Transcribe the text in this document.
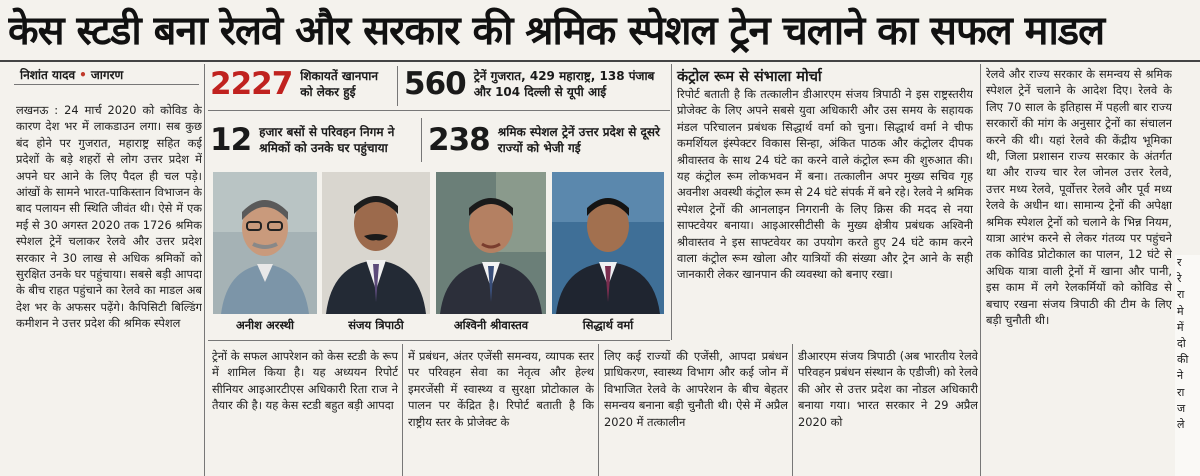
केस स्टडी बना रेलवे और सरकार की श्रमिक स्पेशल ट्रेन चलाने का सफल माडल
निशांत यादव • जागरण

लखनऊ : 24 मार्च 2020 को कोविड के कारण देश भर में लाकडाउन लगा। सब कुछ बंद होने पर गुजरात, महाराष्ट्र सहित कई प्रदेशों के बड़े शहरों से लोग उत्तर प्रदेश में अपने घर आने के लिए पैदल ही चल पड़े। आंखों के सामने भारत-पाकिस्तान विभाजन के बाद पलायन सी स्थिति जीवंत थी। ऐसे में एक मई से 30 अगस्त 2020 तक 1726 श्रमिक स्पेशल ट्रेनें चलाकर रेलवे और उत्तर प्रदेश सरकार ने 30 लाख से अधिक श्रमिकों को सुरक्षित उनके घर पहुंचाया। सबसे बड़ी आपदा के बीच राहत पहुंचाने का रेलवे का माडल अब देश भर के अफसर पढ़ेंगे। कैपिसिटी बिल्डिंग कमीशन ने उत्तर प्रदेश की श्रमिक स्पेशल

2227 शिकायतें खानपान को लेकर हुई	560 ट्रेनें गुजरात, 429 महाराष्ट्र, 138 पंजाब और 104 दिल्ली से यूपी आई
12 हजार बसों से परिवहन निगम ने श्रमिकों को उनके घर पहुंचाया	238 श्रमिक स्पेशल ट्रेनें उत्तर प्रदेश से दूसरे राज्यों को भेजी गई
अनीश अरस्थी	संजय त्रिपाठी	अश्विनी श्रीवास्तव	सिद्धार्थ वर्मा

ट्रेनों के सफल आपरेशन को केस स्टडी के रूप में शामिल किया है। यह अध्ययन रिपोर्ट सीनियर आइआरटीएस अधिकारी रिता राज ने तैयार की है। यह केस स्टडी बहुत बड़ी आपदा

में प्रबंधन, अंतर एजेंसी समन्वय, व्यापक स्तर पर परिवहन सेवा का नेतृत्व और हेल्थ इमरजेंसी में स्वास्थ्य व सुरक्षा प्रोटोकाल के पालन पर केंद्रित है। रिपोर्ट बताती है कि राष्ट्रीय स्तर के प्रोजेक्ट के

लिए कई राज्यों की एजेंसी, आपदा प्रबंधन प्राधिकरण, स्वास्थ्य विभाग और कई जोन में विभाजित रेलवे के आपरेशन के बीच बेहतर समन्वय बनाना बड़ी चुनौती थी। ऐसे में अप्रैल 2020 में तत्कालीन

डीआरएम संजय त्रिपाठी (अब भारतीय रेलवे परिवहन प्रबंधन संस्थान के एडीजी) को रेलवे की ओर से उत्तर प्रदेश का नोडल अधिकारी बनाया गया। भारत सरकार ने 29 अप्रैल 2020 को

कंट्रोल रूम से संभाला मोर्चा

रिपोर्ट बताती है कि तत्कालीन डीआरएम संजय त्रिपाठी ने इस राष्ट्रस्तरीय प्रोजेक्ट के लिए अपने सबसे युवा अधिकारी और उस समय के सहायक मंडल परिचालन प्रबंधक सिद्धार्थ वर्मा को चुना। सिद्धार्थ वर्मा ने चीफ कमर्शियल इंस्पेक्टर विकास सिन्हा, अंकित पाठक और कंट्रोलर दीपक श्रीवास्तव के साथ 24 घंटे का करने वाले कंट्रोल रूम की शुरुआत की। यह कंट्रोल रूम लोकभवन में बना। तत्कालीन अपर मुख्य सचिव गृह अवनीश अवस्थी कंट्रोल रूम से 24 घंटे संपर्क में बने रहे। रेलवे ने श्रमिक स्पेशल ट्रेनों की आनलाइन निगरानी के लिए क्रिस की मदद से नया साफ्टवेयर बनाया। आइआरसीटीसी के मुख्य क्षेत्रीय प्रबंधक अश्विनी श्रीवास्तव ने इस साफ्टवेयर का उपयोग करते हुए 24 घंटे काम करने वाला कंट्रोल रूम खोला और यात्रियों की संख्या और ट्रेन आने के सही जानकारी लेकर खानपान की व्यवस्था को बनाए रखा।

रेलवे और राज्य सरकार के समन्वय से श्रमिक स्पेशल ट्रेनें चलाने के आदेश दिए। रेलवे के लिए 70 साल के इतिहास में पहली बार राज्य सरकारों की मांग के अनुसार ट्रेनों का संचालन करने की थी। यहां रेलवे की केंद्रीय भूमिका थी, जिला प्रशासन राज्य सरकार के अंतर्गत था और राज्य चार रेल जोनल उत्तर रेलवे, उत्तर मध्य रेलवे, पूर्वोत्तर रेलवे और पूर्व मध्य रेलवे के अधीन था। सामान्य ट्रेनों की अपेक्षा श्रमिक स्पेशल ट्रेनों को चलाने के भिन्न नियम, यात्रा आरंभ करने से लेकर गंतव्य पर पहुंचने तक कोविड प्रोटोकाल का पालन, 12 घंटे से अधिक यात्रा वाली ट्रेनों में खाना और पानी, इस काम में लगे रेलकर्मियों को कोविड से बचाए रखना संजय त्रिपाठी की टीम के लिए बड़ी चुनौती थी।

र
रे
रा
मे
में
दो
की
ने
रा
ज
ले
